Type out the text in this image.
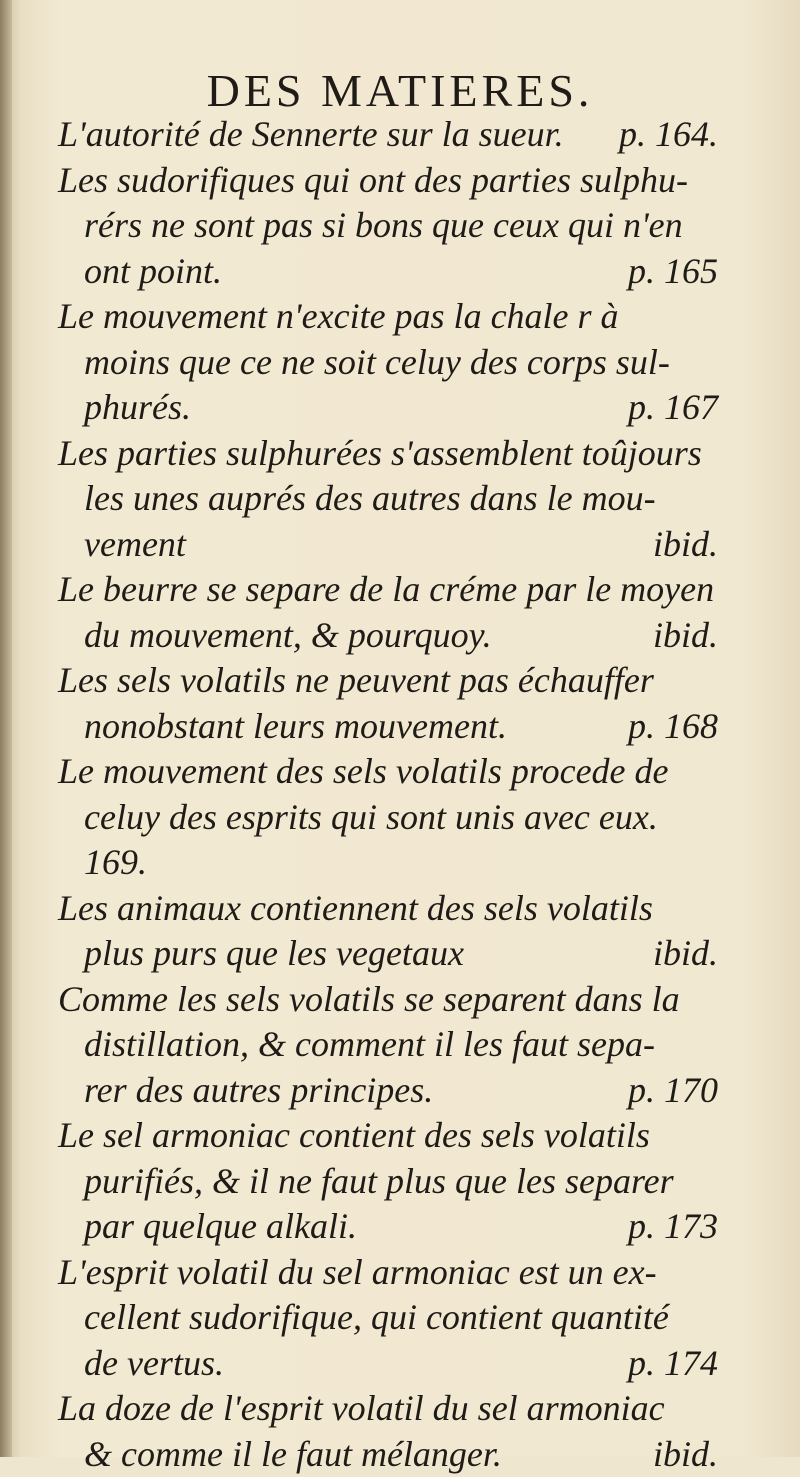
DES MATIERES.
L'autorité de Sennerte sur la sueur. p. 164.
Les sudorifiques qui ont des parties sulphu-
rérs ne sont pas si bons que ceux qui n'en
ont point.	p. 165
Le mouvement n'excite pas la chale r à
moins que ce ne soit celuy des corps sul-
phurés.	p. 167
Les parties sulphurées s'assemblent toûjours
les unes auprés des autres dans le mou-
vement	ibid.
Le beurre se separe de la créme par le moyen
du mouvement, & pourquoy.	ibid.
Les sels volatils ne peuvent pas échauffer
nonobstant leurs mouvement.	p. 168
Le mouvement des sels volatils procede de
celuy des esprits qui sont unis avec eux.
169.
Les animaux contiennent des sels volatils
plus purs que les vegetaux	ibid.
Comme les sels volatils se separent dans la
distillation, & comment il les faut sepa-
rer des autres principes.	p. 170
Le sel armoniac contient des sels volatils
purifiés, & il ne faut plus que les separer
par quelque alkali.	p. 173
L'esprit volatil du sel armoniac est un ex-
cellent sudorifique, qui contient quantité
de vertus.	p. 174
La doze de l'esprit volatil du sel armoniac
& comme il le faut mélanger.	ibid.
